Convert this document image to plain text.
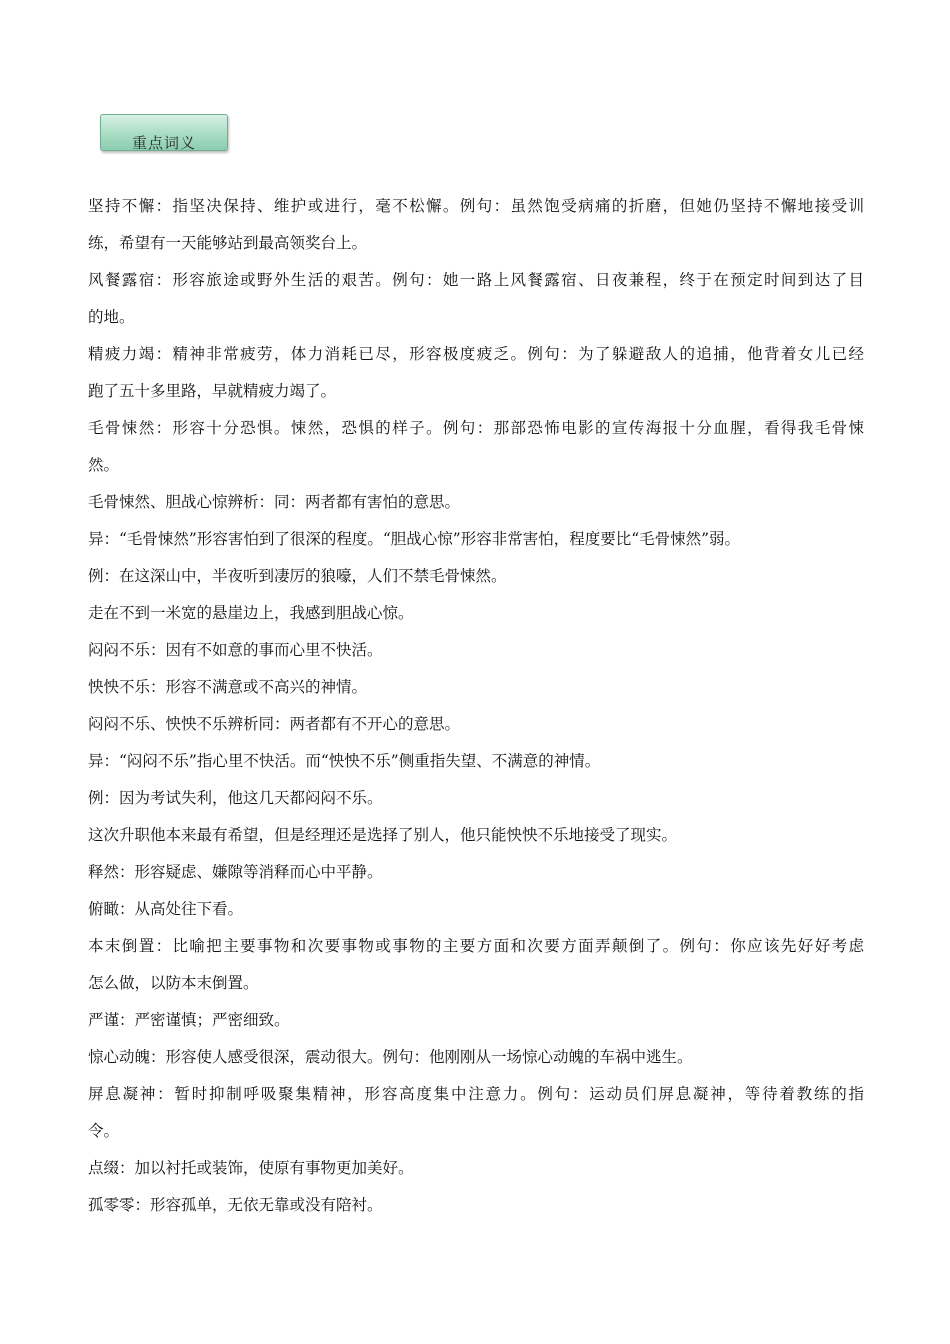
重点词义
坚持不懈：指坚决保持、维护或进行，毫不松懈。例句：虽然饱受病痛的折磨，但她仍坚持不懈地接受训
练，希望有一天能够站到最高领奖台上。
风餐露宿：形容旅途或野外生活的艰苦。例句：她一路上风餐露宿、日夜兼程，终于在预定时间到达了目
的地。
精疲力竭：精神非常疲劳，体力消耗已尽，形容极度疲乏。例句：为了躲避敌人的追捕，他背着女儿已经
跑了五十多里路，早就精疲力竭了。
毛骨悚然：形容十分恐惧。悚然，恐惧的样子。例句：那部恐怖电影的宣传海报十分血腥，看得我毛骨悚
然。
毛骨悚然、胆战心惊辨析：同：两者都有害怕的意思。
异：“毛骨悚然”形容害怕到了很深的程度。“胆战心惊”形容非常害怕，程度要比“毛骨悚然”弱。
例：在这深山中，半夜听到凄厉的狼嚎，人们不禁毛骨悚然。
走在不到一米宽的悬崖边上，我感到胆战心惊。
闷闷不乐：因有不如意的事而心里不快活。
怏怏不乐：形容不满意或不高兴的神情。
闷闷不乐、怏怏不乐辨析同：两者都有不开心的意思。
异：“闷闷不乐”指心里不快活。而“怏怏不乐”侧重指失望、不满意的神情。
例：因为考试失利，他这几天都闷闷不乐。
这次升职他本来最有希望，但是经理还是选择了别人，他只能怏怏不乐地接受了现实。
释然：形容疑虑、嫌隙等消释而心中平静。
俯瞰：从高处往下看。
本末倒置：比喻把主要事物和次要事物或事物的主要方面和次要方面弄颠倒了。例句：你应该先好好考虑
怎么做，以防本末倒置。
严谨：严密谨慎；严密细致。
惊心动魄：形容使人感受很深，震动很大。例句：他刚刚从一场惊心动魄的车祸中逃生。
屏息凝神：暂时抑制呼吸聚集精神，形容高度集中注意力。例句：运动员们屏息凝神，等待着教练的指
令。
点缀：加以衬托或装饰，使原有事物更加美好。
孤零零：形容孤单，无依无靠或没有陪衬。
